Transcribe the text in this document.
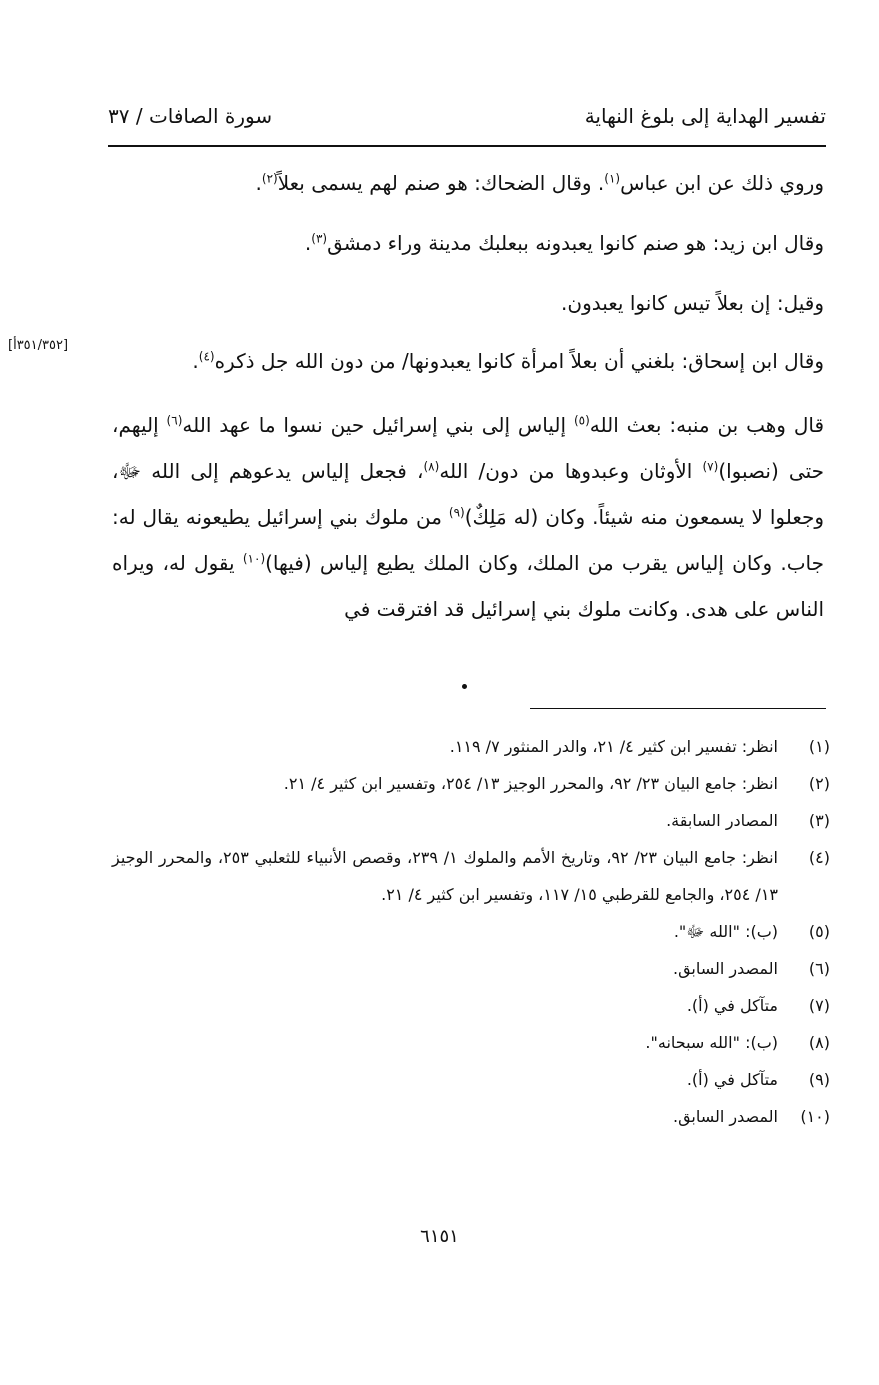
تفسير الهداية إلى بلوغ النهاية
سورة الصافات / ٣٧

وروي ذلك عن ابن عباس$^{(١)}$. وقال الضحاك: هو صنم لهم يسمى بعلاً$^{(٢)}$.

وقال ابن زيد: هو صنم كانوا يعبدونه ببعلبك مدينة وراء دمشق$^{(٣)}$.

وقيل: إن بعلاً تيس كانوا يعبدون.

وقال ابن إسحاق: بلغني أن بعلاً امرأة كانوا يعبدونها/ من دون الله جل ذكره$^{(٤)}$.

قال وهب بن منبه: بعث الله$^{(٥)}$ إلياس إلى بني إسرائيل حين نسوا ما عهد الله$^{(٦)}$ إليهم، حتى (نصبوا)$^{(٧)}$ الأوثان وعبدوها من دون/ الله$^{(٨)}$، فجعل إلياس يدعوهم إلى الله ﷻ، وجعلوا لا يسمعون منه شيئاً. وكان (له مَلِكٌ)$^{(٩)}$ من ملوك بني إسرائيل يطيعونه يقال له: جاب. وكان إلياس يقرب من الملك، وكان الملك يطيع إلياس (فيها)$^{(١٠)}$ يقول له، ويراه الناس على هدى. وكانت ملوك بني إسرائيل قد افترقت في

[٣٥١/٣٥٢أ]
(١)
انظر: تفسير ابن كثير ٤/ ٢١، والدر المنثور ٧/ ١١٩.
(٢)
انظر: جامع البيان ٢٣/ ٩٢، والمحرر الوجيز ١٣/ ٢٥٤، وتفسير ابن كثير ٤/ ٢١.
(٣)
المصادر السابقة.
(٤)
انظر: جامع البيان ٢٣/ ٩٢، وتاريخ الأمم والملوك ١/ ٢٣٩، وقصص الأنبياء للثعلبي ٢٥٣، والمحرر الوجيز ١٣/ ٢٥٤، والجامع للقرطبي ١٥/ ١١٧، وتفسير ابن كثير ٤/ ٢١.
(٥)
(ب): "الله ﷻ".
(٦)
المصدر السابق.
(٧)
متآكل في (أ).
(٨)
(ب): "الله سبحانه".
(٩)
متآكل في (أ).
(١٠)
المصدر السابق.
٦١٥١
